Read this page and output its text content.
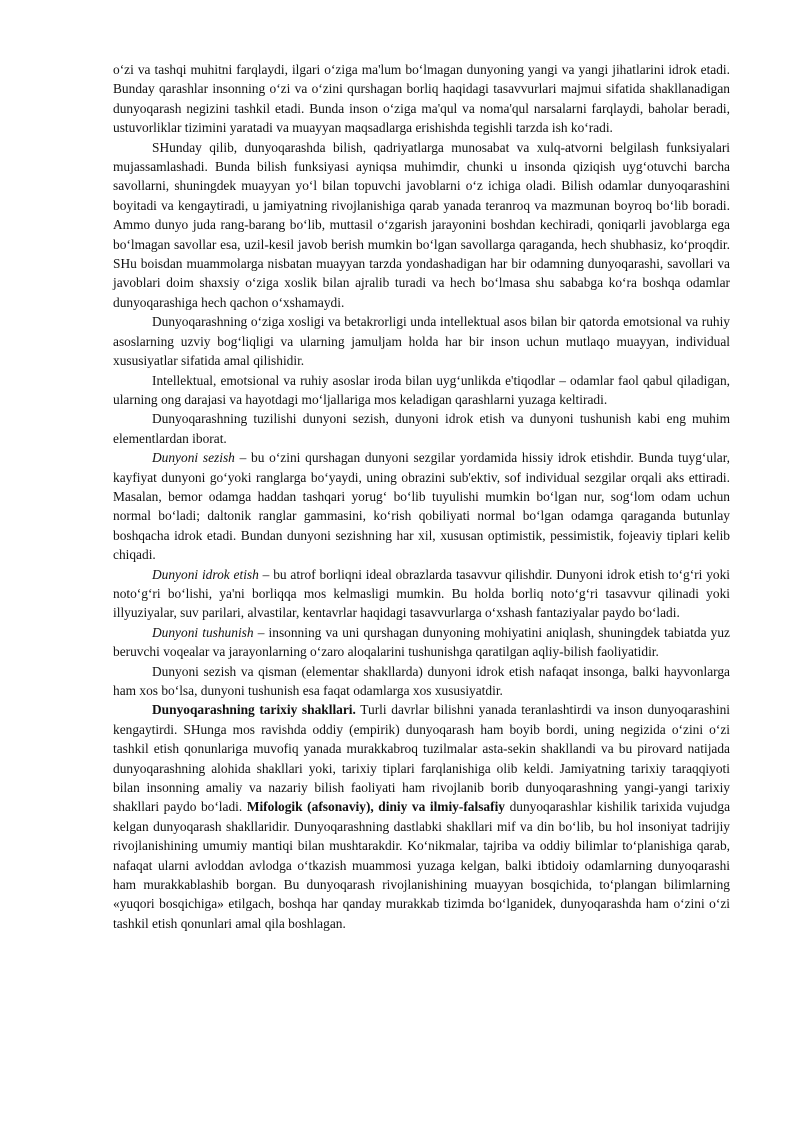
o‘zi va tashqi muhitni farqlaydi, ilgari o‘ziga ma'lum bo‘lmagan dunyoning yangi va yangi jihatlarini idrok etadi. Bunday qarashlar insonning o‘zi va o‘zini qurshagan borliq haqidagi tasavvurlari majmui sifatida shakllanadigan dunyoqarash negizini tashkil etadi. Bunda inson o‘ziga ma'qul va noma'qul narsalarni farqlaydi, baholar beradi, ustuvorliklar tizimini yaratadi va muayyan maqsadlarga erishishda tegishli tarzda ish ko‘radi.

SHunday qilib, dunyoqarashda bilish, qadriyatlarga munosabat va xulq-atvorni belgilash funksiyalari mujassamlashadi. Bunda bilish funksiyasi ayniqsa muhimdir, chunki u insonda qiziqish uyg‘otuvchi barcha savollarni, shuningdek muayyan yo‘l bilan topuvchi javoblarni o‘z ichiga oladi. Bilish odamlar dunyoqarashini boyitadi va kengaytiradi, u jamiyatning rivojlanishiga qarab yanada teranroq va mazmunan boyroq bo‘lib boradi. Ammo dunyo juda rang-barang bo‘lib, muttasil o‘zgarish jarayonini boshdan kechiradi, qoniqarli javoblarga ega bo‘lmagan savollar esa, uzil-kesil javob berish mumkin bo‘lgan savollarga qaraganda, hech shubhasiz, ko‘proqdir. SHu boisdan muammolarga nisbatan muayyan tarzda yondashadigan har bir odamning dunyoqarashi, savollari va javoblari doim shaxsiy o‘ziga xoslik bilan ajralib turadi va hech bo‘lmasa shu sababga ko‘ra boshqa odamlar dunyoqarashiga hech qachon o‘xshamaydi.

Dunyoqarashning o‘ziga xosligi va betakrorligi unda intellektual asos bilan bir qatorda emotsional va ruhiy asoslarning uzviy bog‘liqligi va ularning jamuljam holda har bir inson uchun mutlaqo muayyan, individual xususiyatlar sifatida amal qilishidir.

Intellektual, emotsional va ruhiy asoslar iroda bilan uyg‘unlikda e'tiqodlar – odamlar faol qabul qiladigan, ularning ong darajasi va hayotdagi mo‘ljallariga mos keladigan qarashlarni yuzaga keltiradi.

Dunyoqarashning tuzilishi dunyoni sezish, dunyoni idrok etish va dunyoni tushunish kabi eng muhim elementlardan iborat.

Dunyoni sezish – bu o‘zini qurshagan dunyoni sezgilar yordamida hissiy idrok etishdir. Bunda tuyg‘ular, kayfiyat dunyoni go‘yoki ranglarga bo‘yaydi, uning obrazini sub'ektiv, sof individual sezgilar orqali aks ettiradi. Masalan, bemor odamga haddan tashqari yorug‘ bo‘lib tuyulishi mumkin bo‘lgan nur, sog‘lom odam uchun normal bo‘ladi; daltonik ranglar gammasini, ko‘rish qobiliyati normal bo‘lgan odamga qaraganda butunlay boshqacha idrok etadi. Bundan dunyoni sezishning har xil, xususan optimistik, pessimistik, fojeaviy tiplari kelib chiqadi.

Dunyoni idrok etish – bu atrof borliqni ideal obrazlarda tasavvur qilishdir. Dunyoni idrok etish to‘g‘ri yoki noto‘g‘ri bo‘lishi, ya'ni borliqqa mos kelmasligi mumkin. Bu holda borliq noto‘g‘ri tasavvur qilinadi yoki illyuziyalar, suv parilari, alvastilar, kentavrlar haqidagi tasavvurlarga o‘xshash fantaziyalar paydo bo‘ladi.

Dunyoni tushunish – insonning va uni qurshagan dunyoning mohiyatini aniqlash, shuningdek tabiatda yuz beruvchi voqealar va jarayonlarning o‘zaro aloqalarini tushunishga qaratilgan aqliy-bilish faoliyatidir.

Dunyoni sezish va qisman (elementar shakllarda) dunyoni idrok etish nafaqat insonga, balki hayvonlarga ham xos bo‘lsa, dunyoni tushunish esa faqat odamlarga xos xususiyatdir.

Dunyoqarashning tarixiy shakllari. Turli davrlar bilishni yanada teranlashtirdi va inson dunyoqarashini kengaytirdi. SHunga mos ravishda oddiy (empirik) dunyoqarash ham boyib bordi, uning negizida o‘zini o‘zi tashkil etish qonunlariga muvofiq yanada murakkabroq tuzilmalar asta-sekin shakllandi va bu pirovard natijada dunyoqarashning alohida shakllari yoki, tarixiy tiplari farqlanishiga olib keldi. Jamiyatning tarixiy taraqqiyoti bilan insonning amaliy va nazariy bilish faoliyati ham rivojlanib borib dunyoqarashning yangi-yangi tarixiy shakllari paydo bo‘ladi. Mifologik (afsonaviy), diniy va ilmiy-falsafiy dunyoqarashlar kishilik tarixida vujudga kelgan dunyoqarash shakllaridir. Dunyoqarashning dastlabki shakllari mif va din bo‘lib, bu hol insoniyat tadrijiy rivojlanishining umumiy mantiqi bilan mushtarakdir. Ko‘nikmalar, tajriba va oddiy bilimlar to‘planishiga qarab, nafaqat ularni avloddan avlodga o‘tkazish muammosi yuzaga kelgan, balki ibtidoiy odamlarning dunyoqarashi ham murakkablashib borgan. Bu dunyoqarash rivojlanishining muayyan bosqichida, to‘plangan bilimlarning «yuqori bosqichiga» etilgach, boshqa har qanday murakkab tizimda bo‘lganidek, dunyoqarashda ham o‘zini o‘zi tashkil etish qonunlari amal qila boshlagan.
